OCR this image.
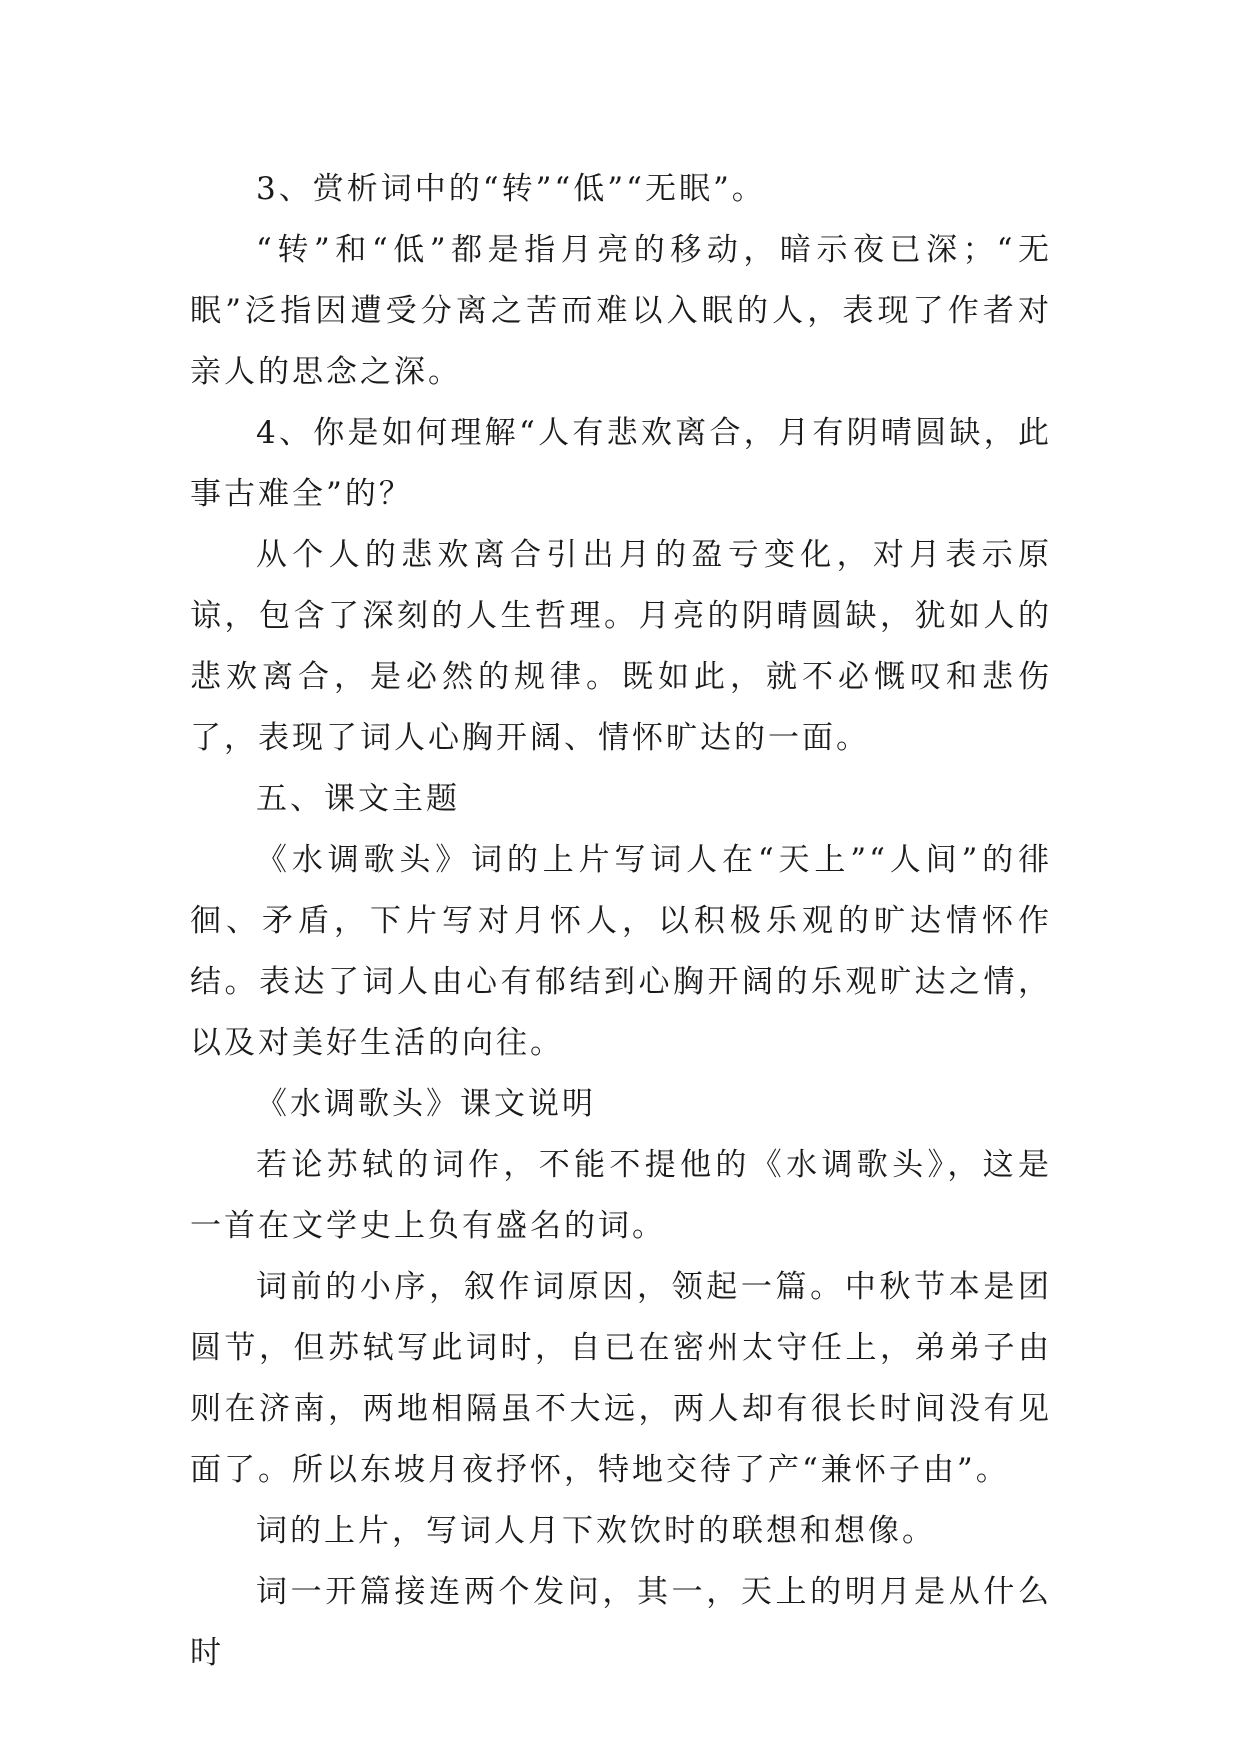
3、赏析词中的“转”“低”“无眠”。

“转”和“低”都是指月亮的移动，暗示夜已深；“无眠”泛指因遭受分离之苦而难以入眠的人，表现了作者对亲人的思念之深。

4、你是如何理解“人有悲欢离合，月有阴晴圆缺，此事古难全”的？

从个人的悲欢离合引出月的盈亏变化，对月表示原谅，包含了深刻的人生哲理。月亮的阴晴圆缺，犹如人的悲欢离合，是必然的规律。既如此，就不必慨叹和悲伤了，表现了词人心胸开阔、情怀旷达的一面。

五、课文主题

《水调歌头》词的上片写词人在“天上”“人间”的徘徊、矛盾，下片写对月怀人，以积极乐观的旷达情怀作结。表达了词人由心有郁结到心胸开阔的乐观旷达之情，以及对美好生活的向往。

《水调歌头》课文说明

若论苏轼的词作，不能不提他的《水调歌头》，这是一首在文学史上负有盛名的词。

词前的小序，叙作词原因，领起一篇。中秋节本是团圆节，但苏轼写此词时，自已在密州太守任上，弟弟子由则在济南，两地相隔虽不大远，两人却有很长时间没有见面了。所以东坡月夜抒怀，特地交待了产“兼怀子由”。

词的上片，写词人月下欢饮时的联想和想像。

词一开篇接连两个发问，其一，天上的明月是从什么时
